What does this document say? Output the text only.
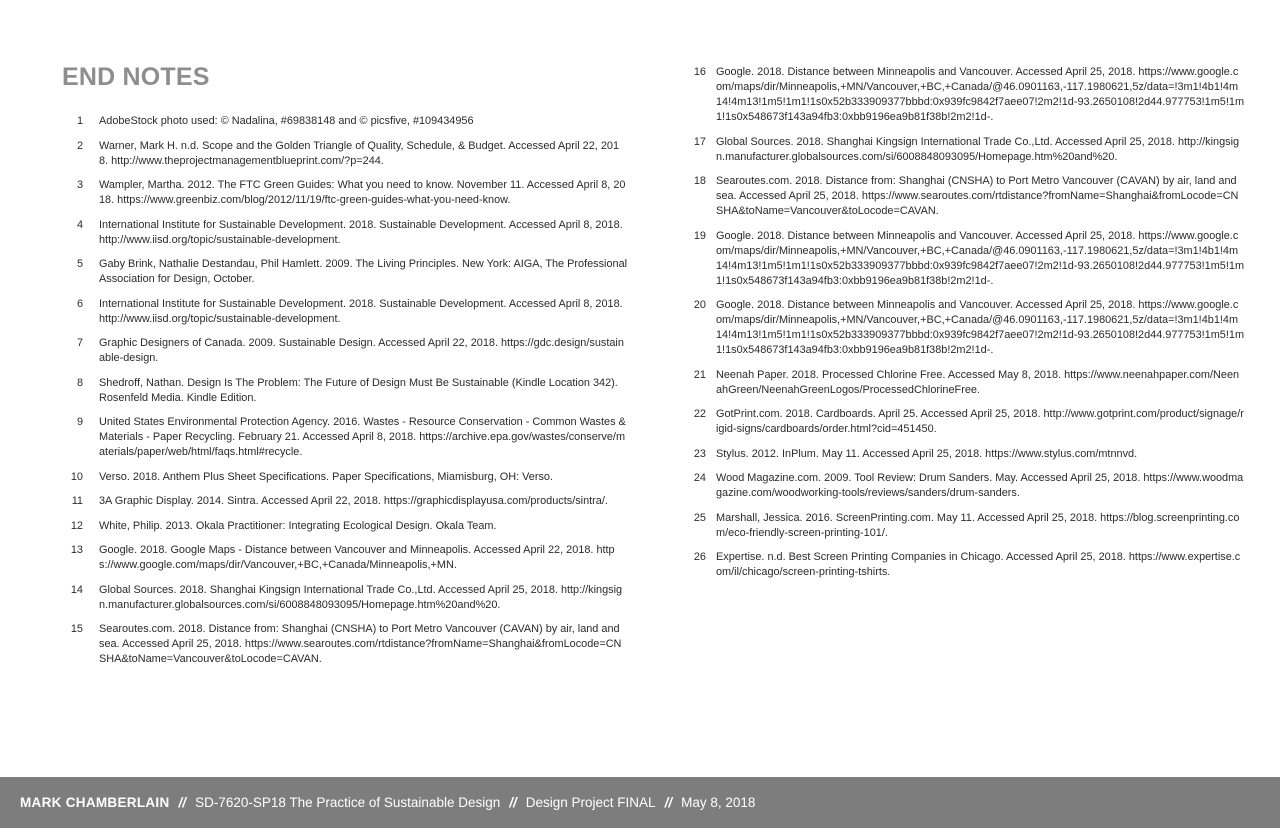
END NOTES
1	AdobeStock photo used: © Nadalina, #69838148 and © picsfive, #109434956
2	Warner, Mark H. n.d. Scope and the Golden Triangle of Quality, Schedule, & Budget. Accessed April 22, 2018. http://www.theprojectmanagementblueprint.com/?p=244.
3	Wampler, Martha. 2012. The FTC Green Guides: What you need to know. November 11. Accessed April 8, 2018. https://www.greenbiz.com/blog/2012/11/19/ftc-green-guides-what-you-need-know.
4	International Institute for Sustainable Development. 2018. Sustainable Development. Accessed April 8, 2018. http://www.iisd.org/topic/sustainable-development.
5	Gaby Brink, Nathalie Destandau, Phil Hamlett. 2009. The Living Principles. New York: AIGA, The Professional Association for Design, October.
6	International Institute for Sustainable Development. 2018. Sustainable Development. Accessed April 8, 2018. http://www.iisd.org/topic/sustainable-development.
7	Graphic Designers of Canada. 2009. Sustainable Design. Accessed April 22, 2018. https://gdc.design/sustainable-design.
8	Shedroff, Nathan. Design Is The Problem: The Future of Design Must Be Sustainable (Kindle Location 342). Rosenfeld Media. Kindle Edition.
9	United States Environmental Protection Agency. 2016. Wastes - Resource Conservation - Common Wastes & Materials - Paper Recycling. February 21. Accessed April 8, 2018. https://archive.epa.gov/wastes/conserve/materials/paper/web/html/faqs.html#recycle.
10	Verso. 2018. Anthem Plus Sheet Specifications. Paper Specifications, Miamisburg, OH: Verso.
11	3A Graphic Display. 2014. Sintra. Accessed April 22, 2018. https://graphicdisplayusa.com/products/sintra/.
12	White, Philip. 2013. Okala Practitioner: Integrating Ecological Design. Okala Team.
13	Google. 2018. Google Maps - Distance between Vancouver and Minneapolis. Accessed April 22, 2018. https://www.google.com/maps/dir/Vancouver,+BC,+Canada/Minneapolis,+MN.
14	Global Sources. 2018. Shanghai Kingsign International Trade Co.,Ltd. Accessed April 25, 2018. http://kingsign.manufacturer.globalsources.com/si/6008848093095/Homepage.htm%20and%20.
15	Searoutes.com. 2018. Distance from: Shanghai (CNSHA) to Port Metro Vancouver (CAVAN) by air, land and sea. Accessed April 25, 2018. https://www.searoutes.com/rtdistance?fromName=Shanghai&fromLocode=CNSHA&toName=Vancouver&toLocode=CAVAN.
16 Google. 2018. Distance between Minneapolis and Vancouver. Accessed April 25, 2018. https://www.google.com/maps/dir/Minneapolis,+MN/Vancouver,+BC,+Canada/@46.0901163,-117.1980621,5z/data=!3m1!4b1!4m14!4m13!1m5!1m1!1s0x52b333909377bbbd:0x939fc9842f7aee07!2m2!1d-93.2650108!2d44.977753!1m5!1m1!1s0x548673f143a94fb3:0xbb9196ea9b81f38b!2m2!1d-.
17 Global Sources. 2018. Shanghai Kingsign International Trade Co.,Ltd. Accessed April 25, 2018. http://kingsign.manufacturer.globalsources.com/si/6008848093095/Homepage.htm%20and%20.
18 Searoutes.com. 2018. Distance from: Shanghai (CNSHA) to Port Metro Vancouver (CAVAN) by air, land and sea. Accessed April 25, 2018. https://www.searoutes.com/rtdistance?fromName=Shanghai&fromLocode=CNSHA&toName=Vancouver&toLocode=CAVAN.
19 Google. 2018. Distance between Minneapolis and Vancouver. Accessed April 25, 2018. https://www.google.com/maps/dir/Minneapolis,+MN/Vancouver,+BC,+Canada/@46.0901163,-117.1980621,5z/data=!3m1!4b1!4m14!4m13!1m5!1m1!1s0x52b333909377bbbd:0x939fc9842f7aee07!2m2!1d-93.2650108!2d44.977753!1m5!1m1!1s0x548673f143a94fb3:0xbb9196ea9b81f38b!2m2!1d-.
20 Google. 2018. Distance between Minneapolis and Vancouver. Accessed April 25, 2018. https://www.google.com/maps/dir/Minneapolis,+MN/Vancouver,+BC,+Canada/@46.0901163,-117.1980621,5z/data=!3m1!4b1!4m14!4m13!1m5!1m1!1s0x52b333909377bbbd:0x939fc9842f7aee07!2m2!1d-93.2650108!2d44.977753!1m5!1m1!1s0x548673f143a94fb3:0xbb9196ea9b81f38b!2m2!1d-.
21 Neenah Paper. 2018. Processed Chlorine Free. Accessed May 8, 2018. https://www.neenahpaper.com/NeenahGreen/NeenahGreenLogos/ProcessedChlorineFree.
22 GotPrint.com. 2018. Cardboards. April 25. Accessed April 25, 2018. http://www.gotprint.com/product/signage/rigid-signs/cardboards/order.html?cid=451450.
23 Stylus. 2012. InPlum. May 11. Accessed April 25, 2018. https://www.stylus.com/mtnnvd.
24 Wood Magazine.com. 2009. Tool Review: Drum Sanders. May. Accessed April 25, 2018. https://www.woodmagazine.com/woodworking-tools/reviews/sanders/drum-sanders.
25 Marshall, Jessica. 2016. ScreenPrinting.com. May 11. Accessed April 25, 2018. https://blog.screenprinting.com/eco-friendly-screen-printing-101/.
26 Expertise. n.d. Best Screen Printing Companies in Chicago. Accessed April 25, 2018. https://www.expertise.com/il/chicago/screen-printing-tshirts.
MARK CHAMBERLAIN // SD-7620-SP18 The Practice of Sustainable Design // Design Project FINAL // May 8, 2018
